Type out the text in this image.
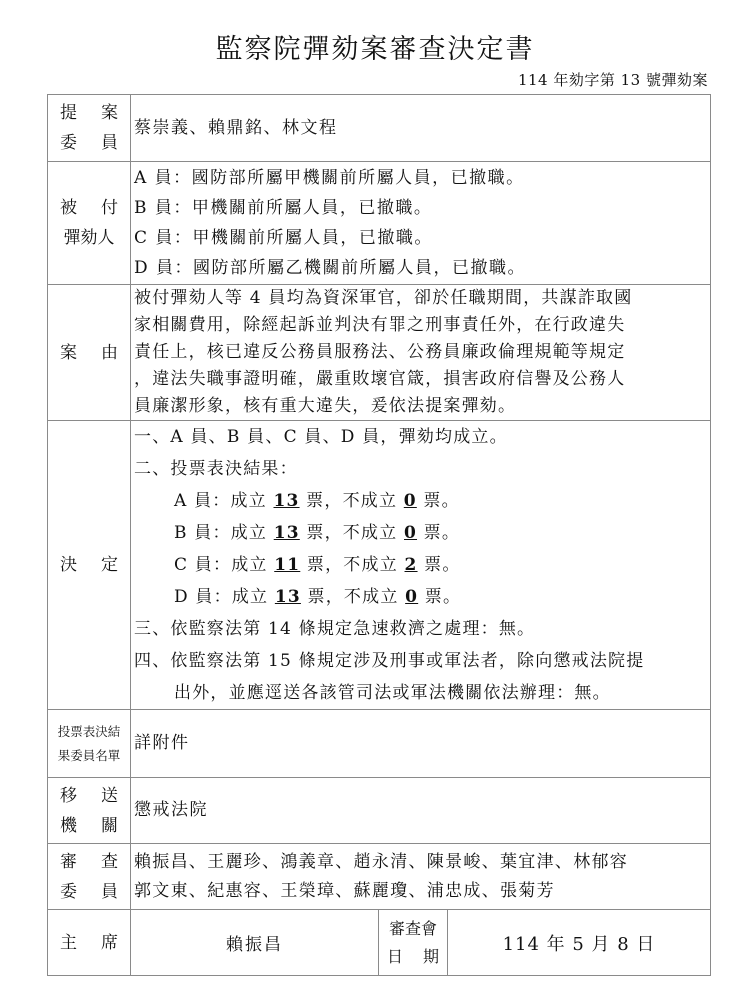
監察院彈劾案審查決定書
114 年劾字第 13 號彈劾案
提 案
委 員	蔡崇義、賴鼎銘、林文程		

被 付
彈劾人

A 員：國防部所屬甲機關前所屬人員，已撤職。
B 員：甲機關前所屬人員，已撤職。
C 員：甲機關前所屬人員，已撤職。
D 員：國防部所屬乙機關前所屬人員，已撤職。

案 由

被付彈劾人等 4 員均為資深軍官，卻於任職期間，共謀詐取國
家相關費用，除經起訴並判決有罪之刑事責任外，在行政違失
責任上，核已違反公務員服務法、公務員廉政倫理規範等規定
，違法失職事證明確，嚴重敗壞官箴，損害政府信譽及公務人
員廉潔形象，核有重大違失，爰依法提案彈劾。

決 定

一、A 員、B 員、C 員、D 員，彈劾均成立。
二、投票表決結果：
A 員：成立 13 票，不成立 0 票。
B 員：成立 13 票，不成立 0 票。
C 員：成立 11 票，不成立 2 票。
D 員：成立 13 票，不成立 0 票。
三、依監察法第 14 條規定急速救濟之處理：無。
四、依監察法第 15 條規定涉及刑事或軍法者，除向懲戒法院提
出外，並應逕送各該管司法或軍法機關依法辦理：無。

投票表決結
果委員名單	詳附件		

移 送
機 關	懲戒法院		

審 查
委 員

賴振昌、王麗珍、鴻義章、趙永清、陳景峻、葉宜津、林郁容
郭文東、紀惠容、王榮璋、蘇麗瓊、浦忠成、張菊芳

主 席	賴振昌	
審查會
日 期
	114 年 5 月 8 日
